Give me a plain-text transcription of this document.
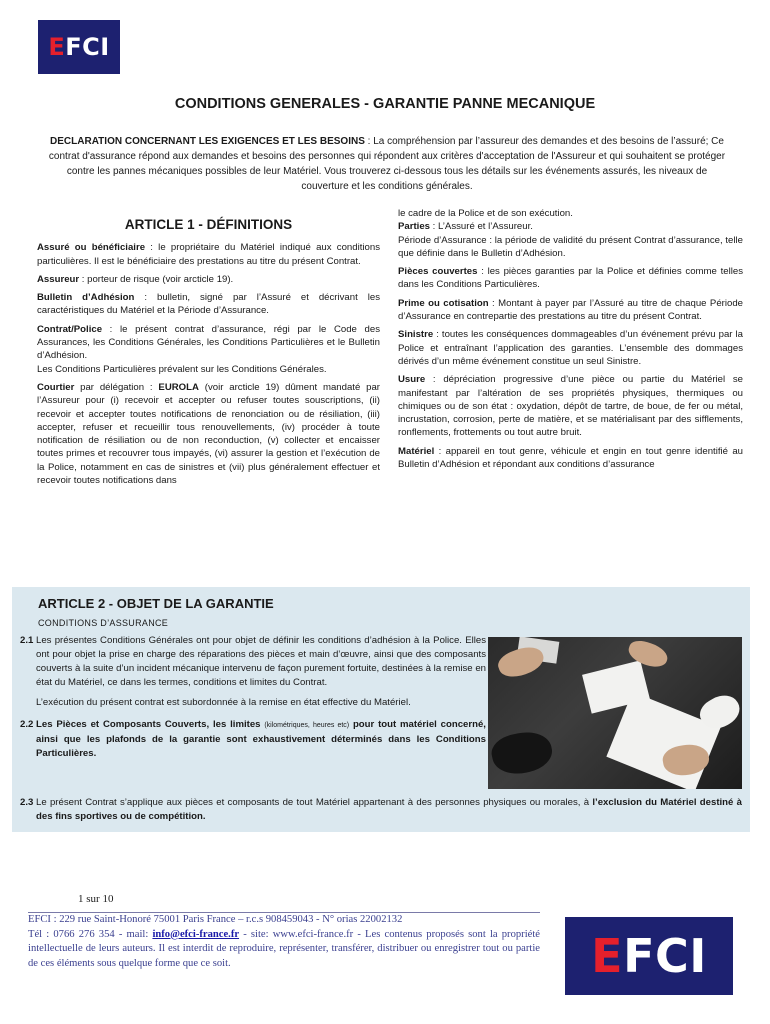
EFCI
CONDITIONS GENERALES - GARANTIE PANNE MECANIQUE

DECLARATION CONCERNANT LES EXIGENCES ET LES BESOINS : La compréhension par l’assureur des demandes et des besoins de l’assuré; Ce contrat d'assurance répond aux demandes et besoins des personnes qui répondent aux critères d'acceptation de l'Assureur et qui souhaitent se protéger contre les pannes mécaniques possibles de leur Matériel. Vous trouverez ci-dessous tous les détails sur les événements assurés, les niveaux de couverture et les conditions générales.

ARTICLE 1 - DÉFINITIONS

Assuré ou bénéficiaire : le propriétaire du Matériel indiqué aux conditions particulières. Il est le bénéficiaire des prestations au titre du présent Contrat.

Assureur : porteur de risque (voir arcticle 19).

Bulletin d’Adhésion : bulletin, signé par l’Assuré et décrivant les caractéristiques du Matériel et la Période d’Assurance.

Contrat/Police : le présent contrat d’assurance, régi par le Code des Assurances, les Conditions Générales, les Conditions Particulières et le Bulletin d’Adhésion.

Les Conditions Particulières prévalent sur les Conditions Générales.

Courtier par délégation : EUROLA (voir arcticle 19) dûment mandaté par l’Assureur pour (i) recevoir et accepter ou refuser toutes souscriptions, (ii) recevoir et accepter toutes notifications de renonciation ou de résiliation, (iii) accepter, refuser et recueillir tous renouvellements, (iv) procéder à toute notification de résiliation ou de non reconduction, (v) collecter et encaisser toutes primes et recouvrer tous impayés, (vi) assurer la gestion et l’exécution de la Police, notamment en cas de sinistres et (vii) plus généralement effectuer et recevoir toutes notifications dans

le cadre de la Police et de son exécution.

Parties : L’Assuré et l’Assureur.

Période d’Assurance : la période de validité du présent Contrat d’assurance, telle que définie dans le Bulletin d’Adhésion.

Pièces couvertes : les pièces garanties par la Police et définies comme telles dans les Conditions Particulières.

Prime ou cotisation : Montant à payer par l’Assuré au titre de chaque Période d’Assurance en contrepartie des prestations au titre du présent Contrat.

Sinistre : toutes les conséquences dommageables d’un événement prévu par la Police et entraînant l’application des garanties. L’ensemble des dommages dérivés d’un même événement constitue un seul Sinistre.

Usure : dépréciation progressive d’une pièce ou partie du Matériel se manifestant par l’altération de ses propriétés physiques, thermiques ou chimiques ou de son état : oxydation, dépôt de tartre, de boue, de fer ou métal, incrustation, corrosion, perte de matière, et se matérialisant par des sifflements, ronflements, frottements ou tout autre bruit.

Matériel : appareil en tout genre, véhicule et engin en tout genre identifié au Bulletin d’Adhésion et répondant aux conditions d’assurance

ARTICLE 2 - OBJET DE LA GARANTIE
CONDITIONS D’ASSURANCE
2.1 Les présentes Conditions Générales ont pour objet de définir les conditions d’adhésion à la Police. Elles ont pour objet la prise en charge des réparations des pièces et main d’œuvre, ainsi que des composants couverts à la suite d’un incident mécanique intervenu de façon purement fortuite, destinées à la remise en état du Matériel, ce dans les termes, conditions et limites du Contrat.

L’exécution du présent contrat est subordonnée à la remise en état effective du Matériel.

2.2 Les Pièces et Composants Couverts, les limites (kilométriques, heures etc) pour tout matériel concerné, ainsi que les plafonds de la garantie sont exhaustivement déterminés dans les Conditions Particulières.
2.3 Le présent Contrat s’applique aux pièces et composants de tout Matériel appartenant à des personnes physiques ou morales, à l’exclusion du Matériel destiné à des fins sportives ou de compétition.
1 sur 10

EFCI : 229 rue Saint-Honoré 75001 Paris France – r.c.s 908459043 - N° orias 22002132

Tél : 0766 276 354 - mail: info@efci-france.fr - site: www.efci-france.fr - Les contenus proposés sont la propriété intellectuelle de leurs auteurs. Il est interdit de reproduire, représenter, transférer, distribuer ou enregistrer tout ou partie de ces éléments sous quelque forme que ce soit.	EFCI
